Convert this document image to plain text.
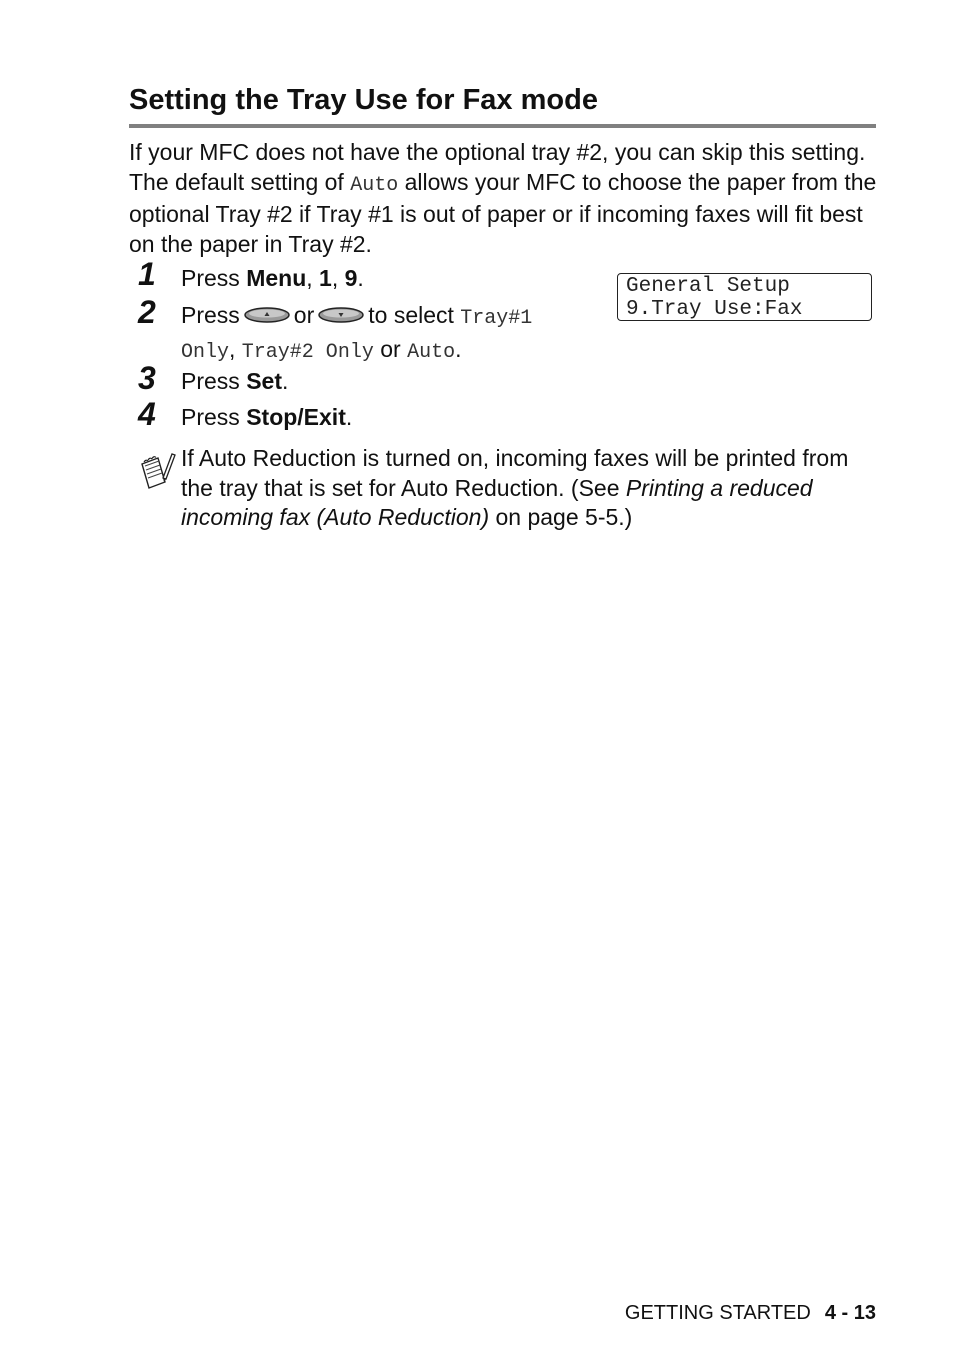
Setting the Tray Use for Fax mode

If your MFC does not have the optional tray #2, you can skip this setting. The default setting of Auto allows your MFC to choose the paper from the optional Tray #2 if Tray #1 is out of paper or if incoming faxes will fit best on the paper in Tray #2.

1 Press Menu, 1, 9.
2 Press or to select Tray#1 Only, Tray#2 Only or Auto.
General Setup
9.Tray Use:Fax
3 Press Set.
4 Press Stop/Exit.

If Auto Reduction is turned on, incoming faxes will be printed from the tray that is set for Auto Reduction. (See Printing a reduced incoming fax (Auto Reduction) on page 5-5.)

GETTING STARTED 4 - 13
